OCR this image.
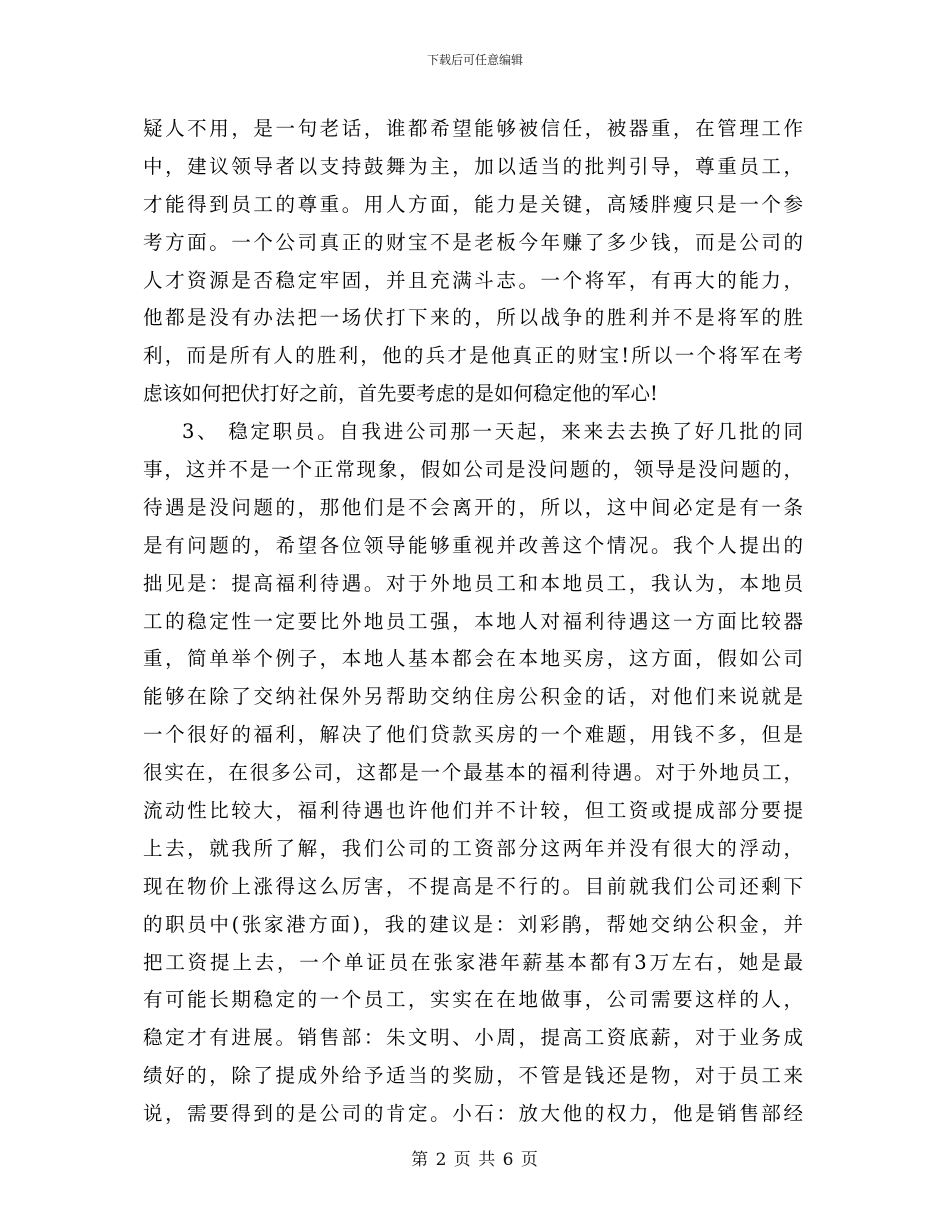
下载后可任意编辑
疑人不用，是一句老话，谁都希望能够被信任，被器重，在管理工作
中，建议领导者以支持鼓舞为主，加以适当的批判引导，尊重员工，
才能得到员工的尊重。用人方面，能力是关键，高矮胖瘦只是一个参
考方面。一个公司真正的财宝不是老板今年赚了多少钱，而是公司的
人才资源是否稳定牢固，并且充满斗志。一个将军，有再大的能力，
他都是没有办法把一场伏打下来的，所以战争的胜利并不是将军的胜
利，而是所有人的胜利，他的兵才是他真正的财宝!所以一个将军在考
虑该如何把伏打好之前，首先要考虑的是如何稳定他的军心!
3、 稳定职员。自我进公司那一天起，来来去去换了好几批的同
事，这并不是一个正常现象，假如公司是没问题的，领导是没问题的，
待遇是没问题的，那他们是不会离开的，所以，这中间必定是有一条
是有问题的，希望各位领导能够重视并改善这个情况。我个人提出的
拙见是：提高福利待遇。对于外地员工和本地员工，我认为，本地员
工的稳定性一定要比外地员工强，本地人对福利待遇这一方面比较器
重，简单举个例子，本地人基本都会在本地买房，这方面，假如公司
能够在除了交纳社保外另帮助交纳住房公积金的话，对他们来说就是
一个很好的福利，解决了他们贷款买房的一个难题，用钱不多，但是
很实在，在很多公司，这都是一个最基本的福利待遇。对于外地员工，
流动性比较大，福利待遇也许他们并不计较，但工资或提成部分要提
上去，就我所了解，我们公司的工资部分这两年并没有很大的浮动，
现在物价上涨得这么厉害，不提高是不行的。目前就我们公司还剩下
的职员中(张家港方面)，我的建议是：刘彩鹃，帮她交纳公积金，并
把工资提上去，一个单证员在张家港年薪基本都有3万左右，她是最
有可能长期稳定的一个员工，实实在在地做事，公司需要这样的人，
稳定才有进展。销售部：朱文明、小周，提高工资底薪，对于业务成
绩好的，除了提成外给予适当的奖励，不管是钱还是物，对于员工来
说，需要得到的是公司的肯定。小石：放大他的权力，他是销售部经
第 2 页 共 6 页
